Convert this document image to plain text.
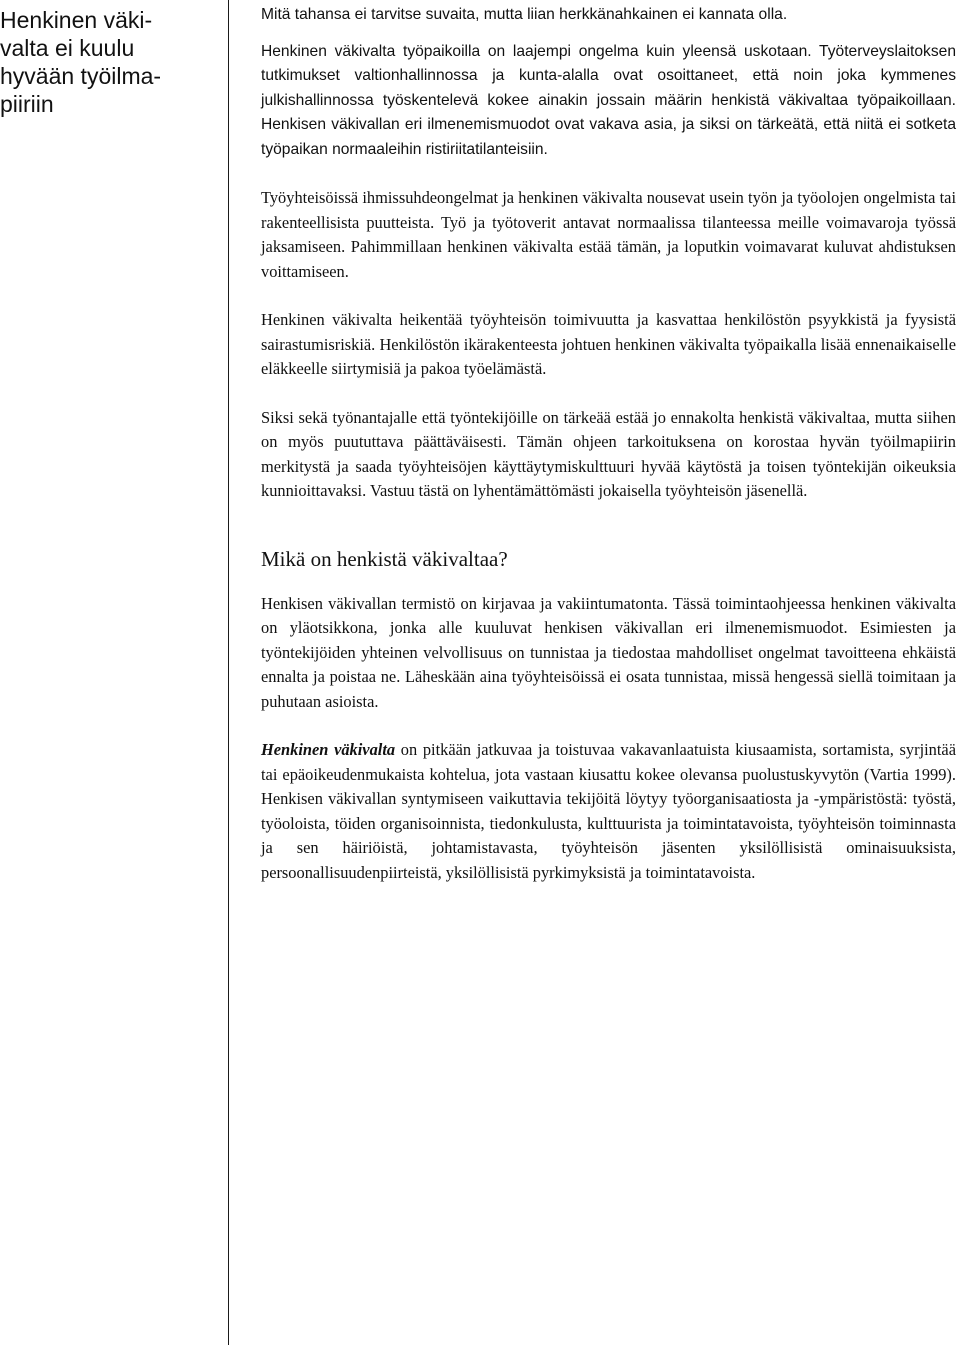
Henkinen väki-
valta ei kuulu
hyvään työilma-
piiriin

Mitä tahansa ei tarvitse suvaita, mutta liian herkkänahkainen ei kannata olla.

Henkinen väkivalta työpaikoilla on laajempi ongelma kuin yleensä uskotaan. Työterveyslaitoksen tutkimukset valtionhallinnossa ja kunta-alalla ovat osoittaneet, että noin joka kymmenes julkishallinnossa työskentelevä kokee ainakin jossain määrin henkistä väkivaltaa työpaikoillaan. Henkisen väkivallan eri ilmenemismuodot ovat vakava asia, ja siksi on tärkeätä, että niitä ei sotketa työpaikan normaaleihin ristiriitatilanteisiin.

Työyhteisöissä ihmissuhdeongelmat ja henkinen väkivalta nousevat usein työn ja työolojen ongelmista tai rakenteellisista puutteista. Työ ja työtoverit antavat normaalissa tilanteessa meille voimavaroja työssä jaksamiseen. Pahimmillaan henkinen väkivalta estää tämän, ja loputkin voimavarat kuluvat ahdistuksen voittamiseen.

Henkinen väkivalta heikentää työyhteisön toimivuutta ja kasvattaa henkilöstön psyykkistä ja fyysistä sairastumisriskiä. Henkilöstön ikärakenteesta johtuen henkinen väkivalta työpaikalla lisää ennenaikaiselle eläkkeelle siirtymisiä ja pakoa työelämästä.

Siksi sekä työnantajalle että työntekijöille on tärkeää estää jo ennakolta henkistä väkivaltaa, mutta siihen on myös puututtava päättäväisesti. Tämän ohjeen tarkoituksena on korostaa hyvän työilmapiirin merkitystä ja saada työyhteisöjen käyttäytymiskulttuuri hyvää käytöstä ja toisen työntekijän oikeuksia kunnioittavaksi. Vastuu tästä on lyhentämättömästi jokaisella työyhteisön jäsenellä.

Mikä on henkistä väkivaltaa?

Henkisen väkivallan termistö on kirjavaa ja vakiintumatonta. Tässä toimintaohjeessa henkinen väkivalta on yläotsikkona, jonka alle kuuluvat henkisen väkivallan eri ilmenemismuodot. Esimiesten ja työntekijöiden yhteinen velvollisuus on tunnistaa ja tiedostaa mahdolliset ongelmat tavoitteena ehkäistä ennalta ja poistaa ne. Läheskään aina työyhteisöissä ei osata tunnistaa, missä hengessä siellä toimitaan ja puhutaan asioista.

Henkinen väkivalta on pitkään jatkuvaa ja toistuvaa vakavanlaatuista kiusaamista, sortamista, syrjintää tai epäoikeudenmukaista kohtelua, jota vastaan kiusattu kokee olevansa puolustuskyvytön (Vartia 1999). Henkisen väkivallan syntymiseen vaikuttavia tekijöitä löytyy työorganisaatiosta ja -ympäristöstä: työstä, työoloista, töiden organisoinnista, tiedonkulusta, kulttuurista ja toimintatavoista, työyhteisön toiminnasta ja sen häiriöistä, johtamistavasta, työyhteisön jäsenten yksilöllisistä ominaisuuksista, persoonallisuudenpiirteistä, yksilöllisistä pyrkimyksistä ja toimintatavoista.
